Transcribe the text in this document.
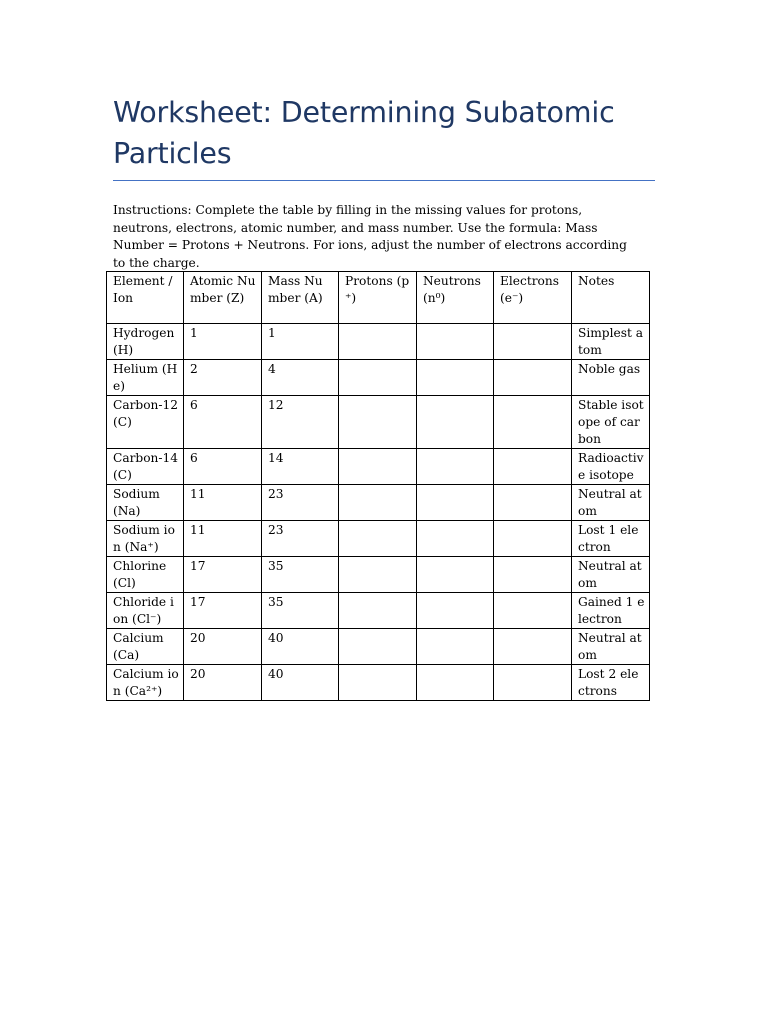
Worksheet: Determining Subatomic Particles

Instructions: Complete the table by filling in the missing values for protons, neutrons, electrons, atomic number, and mass number. Use the formula: Mass Number = Protons + Neutrons. For ions, adjust the number of electrons according to the charge.

Element / Ion	Atomic Number (Z)	Mass Number (A)	Protons (p⁺)	Neutrons (n⁰)	Electrons (e⁻)	Notes
Hydrogen (H)	1	1				Simplest atom
Helium (He)	2	4				Noble gas
Carbon-12 (C)	6	12				Stable isotope of carbon
Carbon-14 (C)	6	14				Radioactive isotope
Sodium (Na)	11	23				Neutral atom
Sodium ion (Na⁺)	11	23				Lost 1 electron
Chlorine (Cl)	17	35				Neutral atom
Chloride ion (Cl⁻)	17	35				Gained 1 electron
Calcium (Ca)	20	40				Neutral atom
Calcium ion (Ca²⁺)	20	40				Lost 2 electrons
